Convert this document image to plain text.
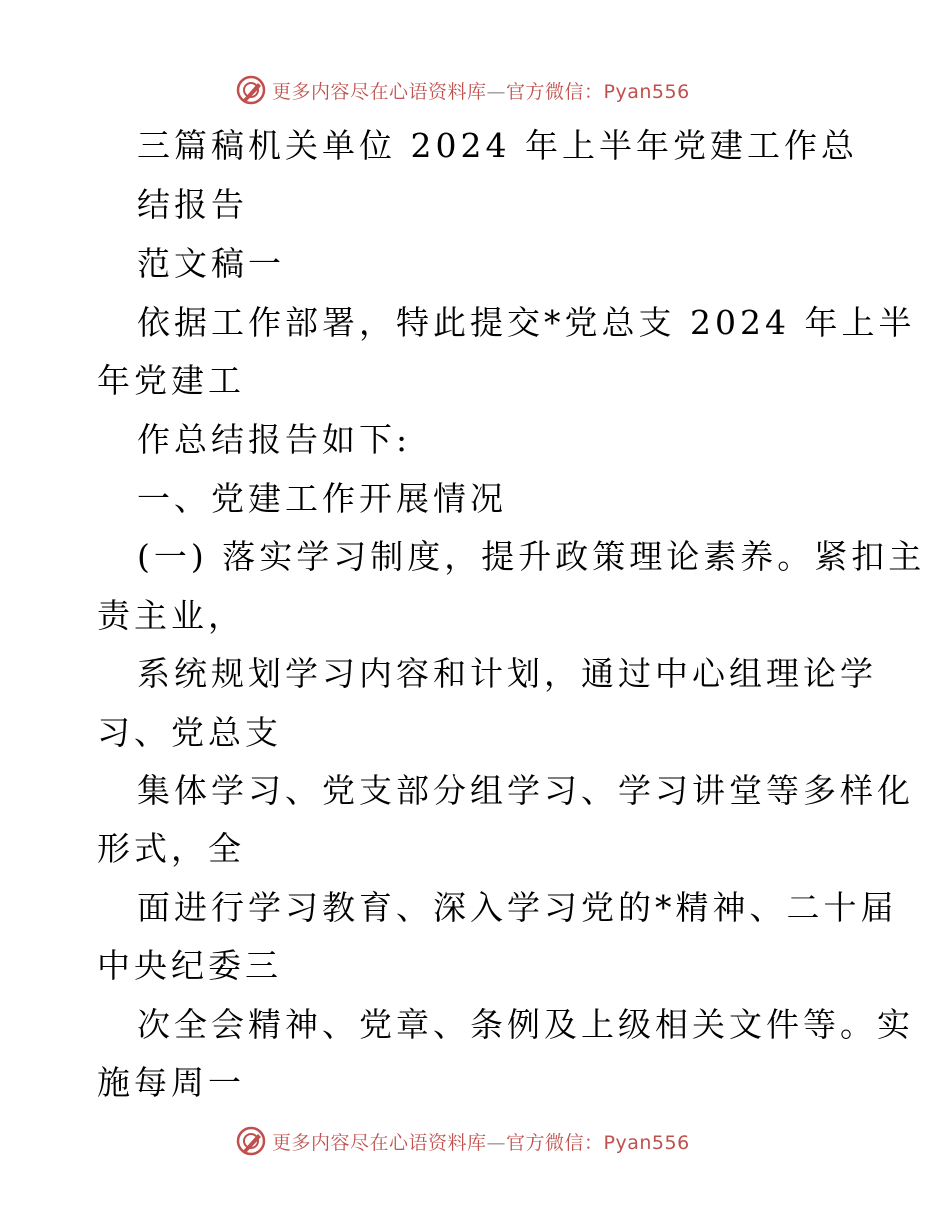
更多内容尽在心语资料库—官方微信：Pyan556
三篇稿机关单位 2024 年上半年党建工作总
结报告
范文稿一
依据工作部署，特此提交*党总支 2024 年上半
年党建工
作总结报告如下:
一、党建工作开展情况
(一) 落实学习制度，提升政策理论素养。紧扣主
责主业，
系统规划学习内容和计划，通过中心组理论学
习、党总支
集体学习、党支部分组学习、学习讲堂等多样化
形式，全
面进行学习教育、深入学习党的*精神、二十届
中央纪委三
次全会精神、党章、条例及上级相关文件等。实
施每周一
更多内容尽在心语资料库—官方微信：Pyan556
